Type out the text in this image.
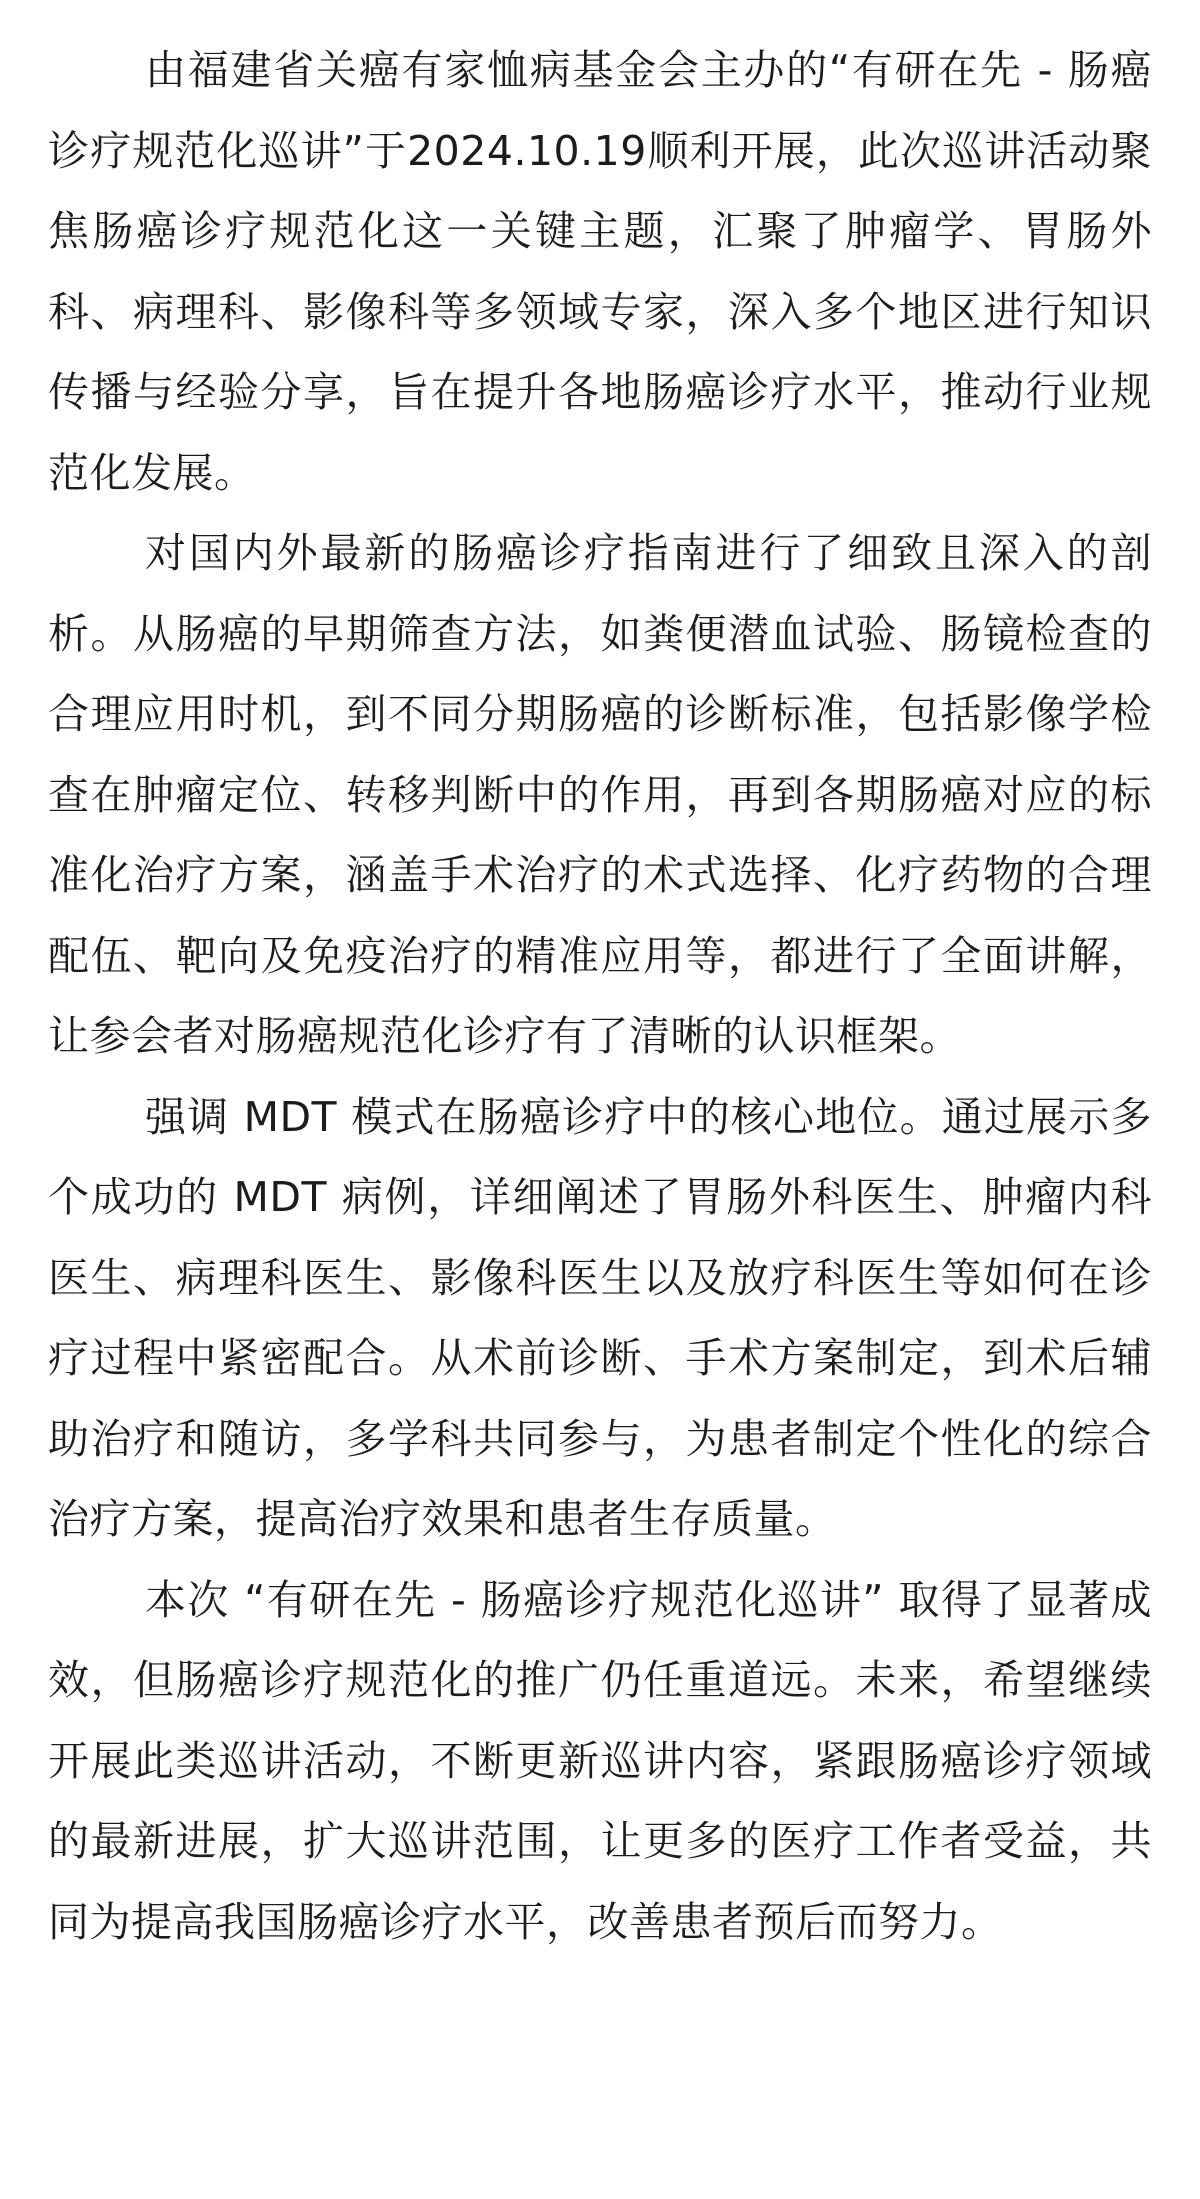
由福建省关癌有家恤病基金会主办的“有研在先 - 肠癌诊疗规范化巡讲”于2024.10.19顺利开展，此次巡讲活动聚焦肠癌诊疗规范化这一关键主题，汇聚了肿瘤学、胃肠外科、病理科、影像科等多领域专家，深入多个地区进行知识传播与经验分享，旨在提升各地肠癌诊疗水平，推动行业规范化发展。

对国内外最新的肠癌诊疗指南进行了细致且深入的剖析。从肠癌的早期筛查方法，如粪便潜血试验、肠镜检查的合理应用时机，到不同分期肠癌的诊断标准，包括影像学检查在肿瘤定位、转移判断中的作用，再到各期肠癌对应的标准化治疗方案，涵盖手术治疗的术式选择、化疗药物的合理配伍、靶向及免疫治疗的精准应用等，都进行了全面讲解，让参会者对肠癌规范化诊疗有了清晰的认识框架。

强调 MDT 模式在肠癌诊疗中的核心地位。通过展示多个成功的 MDT 病例，详细阐述了胃肠外科医生、肿瘤内科医生、病理科医生、影像科医生以及放疗科医生等如何在诊疗过程中紧密配合。从术前诊断、手术方案制定，到术后辅助治疗和随访，多学科共同参与，为患者制定个性化的综合治疗方案，提高治疗效果和患者生存质量。

本次 “有研在先 - 肠癌诊疗规范化巡讲” 取得了显著成效，但肠癌诊疗规范化的推广仍任重道远。未来，希望继续开展此类巡讲活动，不断更新巡讲内容，紧跟肠癌诊疗领域的最新进展，扩大巡讲范围，让更多的医疗工作者受益，共同为提高我国肠癌诊疗水平，改善患者预后而努力。
